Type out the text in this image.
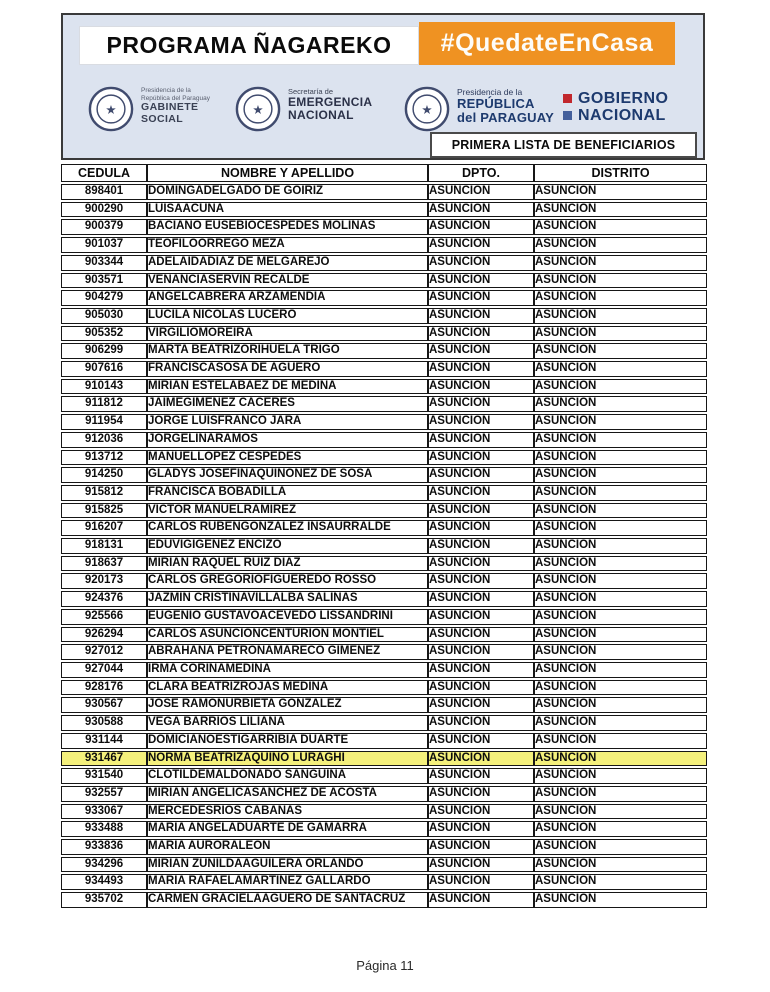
PROGRAMA ÑAGAREKO	#QuedateEnCasa
★
Presidencia de la
República del Paraguay
GABINETE
SOCIAL
★
Secretaría de
EMERGENCIA
NACIONAL	★
Presidencia de la
REPÚBLICA
del PARAGUAY
GOBIERNO
NACIONAL
PRIMERA LISTA DE BENEFICIARIOS
CEDULA	NOMBRE Y APELLIDO	DPTO.	DISTRITO
898401	DOMINGADELGADO DE GOIRIZ	ASUNCION	ASUNCION
900290	LUISAACUÑA	ASUNCION	ASUNCION
900379	BACIANO EUSEBIOCESPEDES MOLINAS	ASUNCION	ASUNCION
901037	TEOFILOORREGO MEZA	ASUNCION	ASUNCION
903344	ADELAIDADIAZ DE MELGAREJO	ASUNCION	ASUNCION
903571	VENANCIASERVIN RECALDE	ASUNCION	ASUNCION
904279	ANGELCABRERA ARZAMENDIA	ASUNCION	ASUNCION
905030	LUCILA NICOLAS LUCERO	ASUNCION	ASUNCION
905352	VIRGILIOMOREIRA	ASUNCION	ASUNCION
906299	MARTA BEATRIZORIHUELA TRIGO	ASUNCION	ASUNCION
907616	FRANCISCASOSA DE AGUERO	ASUNCION	ASUNCION
910143	MIRIAN ESTELABAEZ DE MEDINA	ASUNCION	ASUNCION
911812	JAIMEGIMENEZ CACERES	ASUNCION	ASUNCION
911954	JORGE LUISFRANCO JARA	ASUNCION	ASUNCION
912036	JORGELINARAMOS	ASUNCION	ASUNCION
913712	MANUELLOPEZ CESPEDES	ASUNCION	ASUNCION
914250	GLADYS JOSEFINAQUIÑONEZ DE SOSA	ASUNCION	ASUNCION
915812	FRANCISCA BOBADILLA	ASUNCION	ASUNCION
915825	VICTOR MANUELRAMIREZ	ASUNCION	ASUNCION
916207	CARLOS RUBENGONZALEZ INSAURRALDE	ASUNCION	ASUNCION
918131	EDUVIGIGENEZ ENCIZO	ASUNCION	ASUNCION
918637	MIRIAN RAQUEL RUIZ DIAZ	ASUNCION	ASUNCION
920173	CARLOS GREGORIOFIGUEREDO ROSSO	ASUNCION	ASUNCION
924376	JAZMIN CRISTINAVILLALBA SALINAS	ASUNCION	ASUNCION
925566	EUGENIO GUSTAVOACEVEDO LISSANDRINI	ASUNCION	ASUNCION
926294	CARLOS ASUNCIONCENTURION MONTIEL	ASUNCION	ASUNCION
927012	ABRAHANA PETRONAMARECO GIMENEZ	ASUNCION	ASUNCION
927044	IRMA CORINAMEDINA	ASUNCION	ASUNCION
928176	CLARA BEATRIZROJAS MEDINA	ASUNCION	ASUNCION
930567	JOSE RAMONURBIETA GONZALEZ	ASUNCION	ASUNCION
930588	VEGA BARRIOS LILIANA	ASUNCION	ASUNCION
931144	DOMICIANOESTIGARRIBIA DUARTE	ASUNCION	ASUNCION
931467	NORMA BEATRIZAQUINO LURAGHI	ASUNCION	ASUNCION
931540	CLOTILDEMALDONADO SANGUINA	ASUNCION	ASUNCION
932557	MIRIAN ANGELICASANCHEZ DE ACOSTA	ASUNCION	ASUNCION
933067	MERCEDESRIOS CABAÑAS	ASUNCION	ASUNCION
933488	MARIA ANGELADUARTE DE GAMARRA	ASUNCION	ASUNCION
933836	MARIA AURORALEON	ASUNCION	ASUNCION
934296	MIRIAN ZUNILDAAGUILERA ORLANDO	ASUNCION	ASUNCION
934493	MARIA RAFAELAMARTINEZ GALLARDO	ASUNCION	ASUNCION
935702	CARMEN GRACIELAAGUERO DE SANTACRUZ	ASUNCION	ASUNCION
Página 11
